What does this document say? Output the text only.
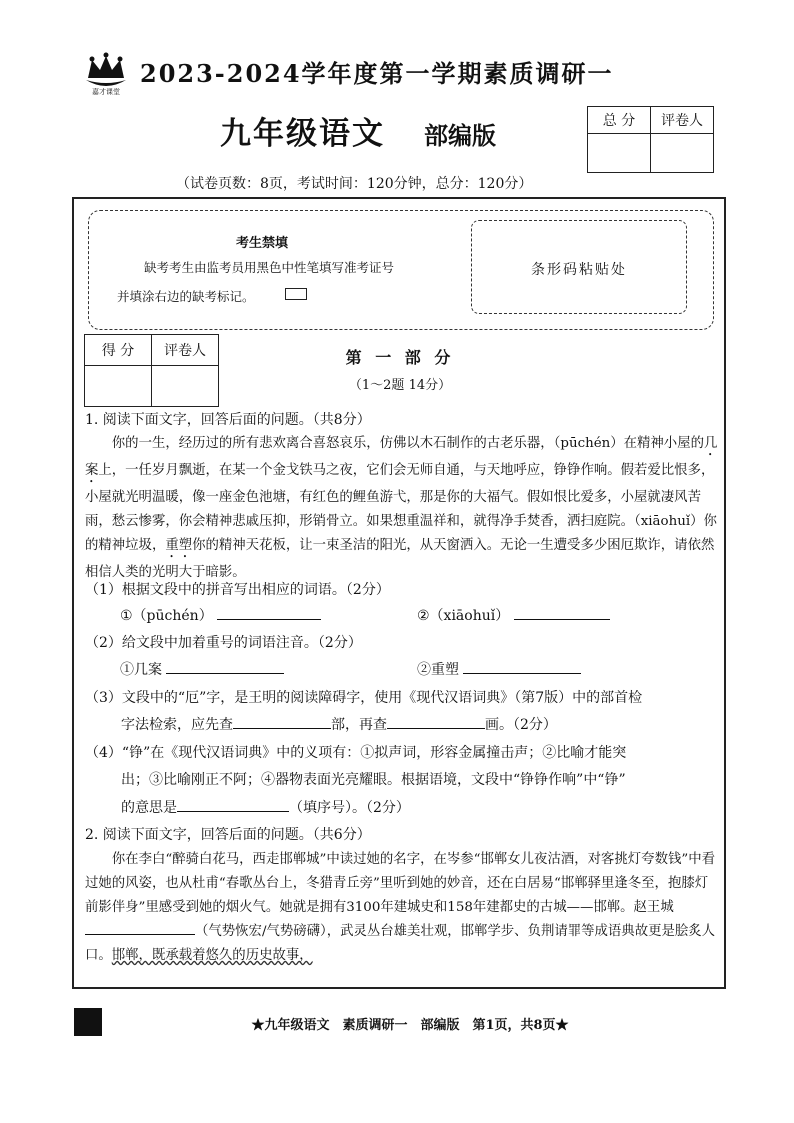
嘉才课堂
2023-2024学年度第一学期素质调研一
九年级语文 部编版	总 分	评卷人

（试卷页数：8页，考试时间：120分钟，总分：120分）
考生禁填
缺考考生由监考员用黑色中性笔填写准考证号
并填涂右边的缺考标记。
条形码粘贴处
得 分	评卷人
		第 一 部 分
（1～2题 14分）
1. 阅读下面文字，回答后面的问题。（共8分）
你的一生，经历过的所有悲欢离合喜怒哀乐，仿佛以木石制作的古老乐器，（pūchén）在精神小屋的几案上，一任岁月飘逝，在某一个金戈铁马之夜，它们会无师自通，与天地呼应，铮铮作响。假若爱比恨多，小屋就光明温暖，像一座金色池塘，有红色的鲤鱼游弋，那是你的大福气。假如恨比爱多，小屋就凄风苦雨，愁云惨雾，你会精神悲戚压抑，形销骨立。如果想重温祥和，就得净手焚香，洒扫庭院。（xiāohuǐ）你的精神垃圾，重塑你的精神天花板，让一束圣洁的阳光，从天窗洒入。无论一生遭受多少困厄欺诈，请依然相信人类的光明大于暗影。
（1）根据文段中的拼音写出相应的词语。（2分）
①（pūchén）	②（xiāohuǐ）
（2）给文段中加着重号的词语注音。（2分）
①几案	②重塑
（3）文段中的“厄”字，是王明的阅读障碍字，使用《现代汉语词典》（第7版）中的部首检
字法检索，应先查	部，再查	画。（2分）
（4）“铮”在《现代汉语词典》中的义项有：①拟声词，形容金属撞击声；②比喻才能突
出；③比喻刚正不阿；④器物表面光亮耀眼。根据语境，文段中“铮铮作响”中“铮”
的意思是	（填序号）。（2分）
2. 阅读下面文字，回答后面的问题。（共6分）
你在李白“醉骑白花马，西走邯郸城”中读过她的名字，在岑参“邯郸女儿夜沽酒，对客挑灯夸数钱”中看过她的风姿，也从杜甫“春歌丛台上，冬猎青丘旁”里听到她的妙音，还在白居易“邯郸驿里逢冬至，抱膝灯前影伴身”里感受到她的烟火气。她就是拥有3100年建城史和158年建都史的古城——邯郸。赵王城（气势恢宏/气势磅礴），武灵丛台雄美壮观，邯郸学步、负荆请罪等成语典故更是脍炙人口。邯郸，既承载着悠久的历史故事，
★九年级语文　素质调研一　部编版　第1页，共8页★
